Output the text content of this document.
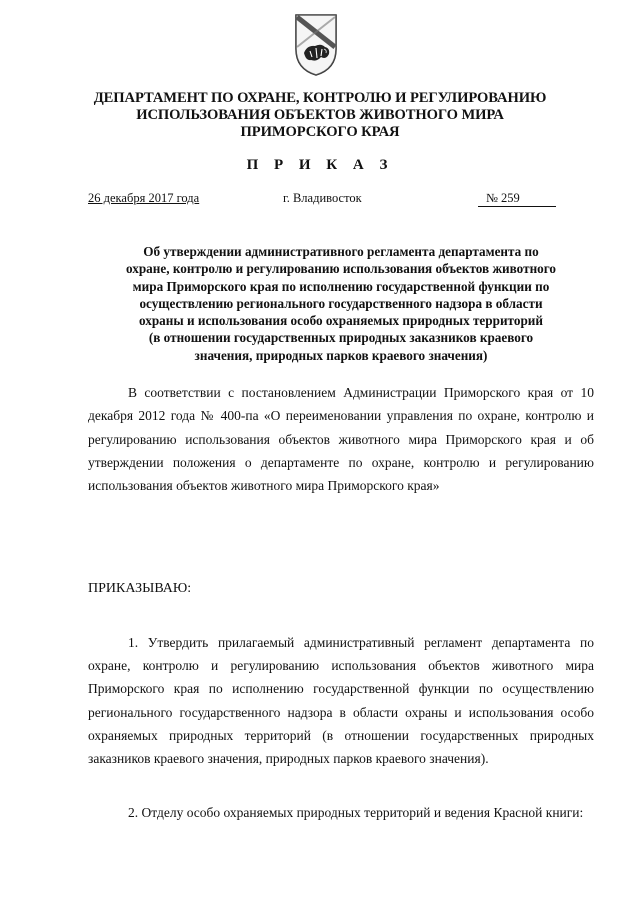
ДЕПАРТАМЕНТ ПО ОХРАНЕ, КОНТРОЛЮ И РЕГУЛИРОВАНИЮ
ИСПОЛЬЗОВАНИЯ ОБЪЕКТОВ ЖИВОТНОГО МИРА
ПРИМОРСКОГО КРАЯ
П Р И К А З
26 декабря 2017 года	г. Владивосток	№ 259
Об утверждении административного регламента департамента по
охране, контролю и регулированию использования объектов животного
мира Приморского края по исполнению государственной функции по
осуществлению регионального государственного надзора в области
охраны и использования особо охраняемых природных территорий
(в отношении государственных природных заказников краевого
значения, природных парков краевого значения)

В соответствии с постановлением Администрации Приморского края от 10 декабря 2012 года № 400-па «О переименовании управления по охране, контролю и регулированию использования объектов животного мира Приморского края и об утверждении положения о департаменте по охране, контролю и регулированию использования объектов животного мира Приморского края»

ПРИКАЗЫВАЮ:

1. Утвердить прилагаемый административный регламент департамента по охране, контролю и регулированию использования объектов животного мира Приморского края по исполнению государственной функции по осуществлению регионального государственного надзора в области охраны и использования особо охраняемых природных территорий (в отношении государственных природных заказников краевого значения, природных парков краевого значения).

2. Отделу особо охраняемых природных территорий и ведения Красной книги:
